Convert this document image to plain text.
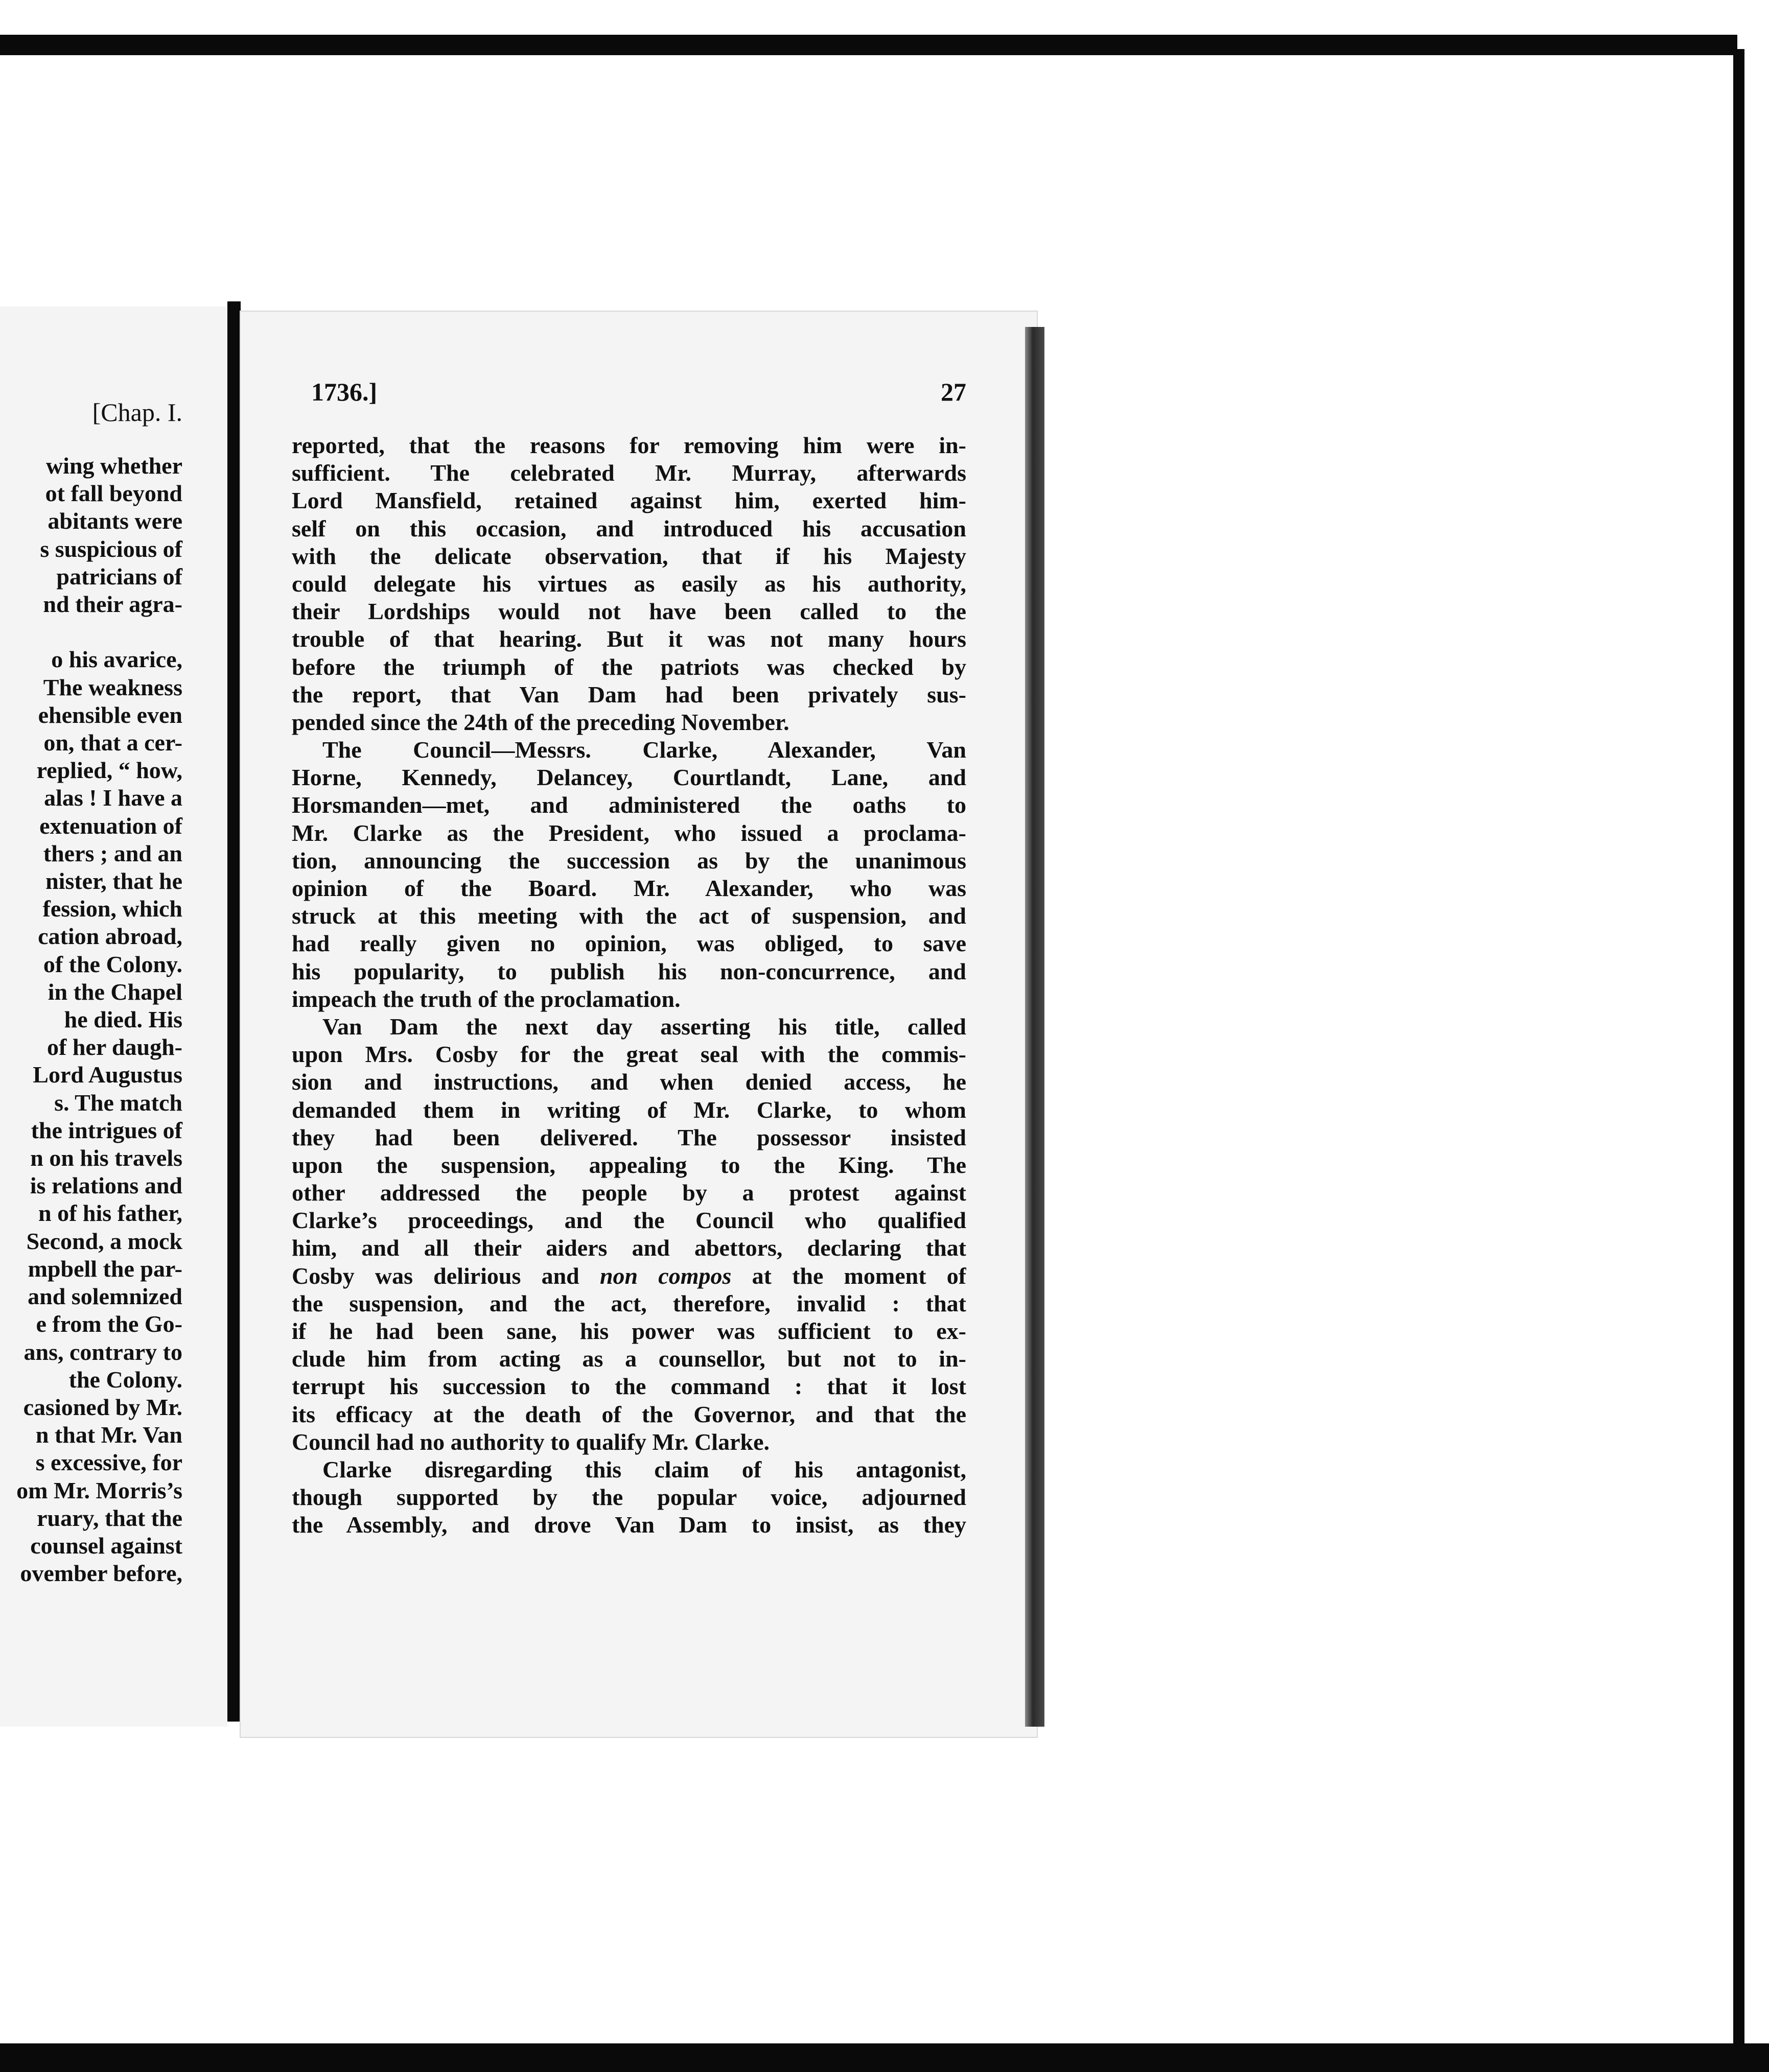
[Chap. I.
wing whether
ot fall beyond
abitants were
s suspicious of
patricians of
nd their agra-

o his avarice,
The weakness
ehensible even
on, that a cer-
replied, “ how,
alas ! I have a
extenuation of
thers ; and an
nister, that he
fession, which
cation abroad,
of the Colony.
in the Chapel
he died. His
of her daugh-
Lord Augustus
s. The match
the intrigues of
n on his travels
is relations and
n of his father,
Second, a mock
mpbell the par-
and solemnized
e from the Go-
ans, contrary to
the Colony.
casioned by Mr.
n that Mr. Van
s excessive, for
om Mr. Morris’s
ruary, that the
counsel against
ovember before,
1736.]	27
reported, that the reasons for removing him were in-
sufficient. The celebrated Mr. Murray, afterwards
Lord Mansfield, retained against him, exerted him-
self on this occasion, and introduced his accusation
with the delicate observation, that if his Majesty
could delegate his virtues as easily as his authority,
their Lordships would not have been called to the
trouble of that hearing. But it was not many hours
before the triumph of the patriots was checked by
the report, that Van Dam had been privately sus-
pended since the 24th of the preceding November.
The Council—Messrs. Clarke, Alexander, Van
Horne, Kennedy, Delancey, Courtlandt, Lane, and
Horsmanden—met, and administered the oaths to
Mr. Clarke as the President, who issued a proclama-
tion, announcing the succession as by the unanimous
opinion of the Board. Mr. Alexander, who was
struck at this meeting with the act of suspension, and
had really given no opinion, was obliged, to save
his popularity, to publish his non-concurrence, and
impeach the truth of the proclamation.
Van Dam the next day asserting his title, called
upon Mrs. Cosby for the great seal with the commis-
sion and instructions, and when denied access, he
demanded them in writing of Mr. Clarke, to whom
they had been delivered. The possessor insisted
upon the suspension, appealing to the King. The
other addressed the people by a protest against
Clarke’s proceedings, and the Council who qualified
him, and all their aiders and abettors, declaring that
Cosby was delirious and non compos at the moment of
the suspension, and the act, therefore, invalid : that
if he had been sane, his power was sufficient to ex-
clude him from acting as a counsellor, but not to in-
terrupt his succession to the command : that it lost
its efficacy at the death of the Governor, and that the
Council had no authority to qualify Mr. Clarke.
Clarke disregarding this claim of his antagonist,
though supported by the popular voice, adjourned
the Assembly, and drove Van Dam to insist, as they
